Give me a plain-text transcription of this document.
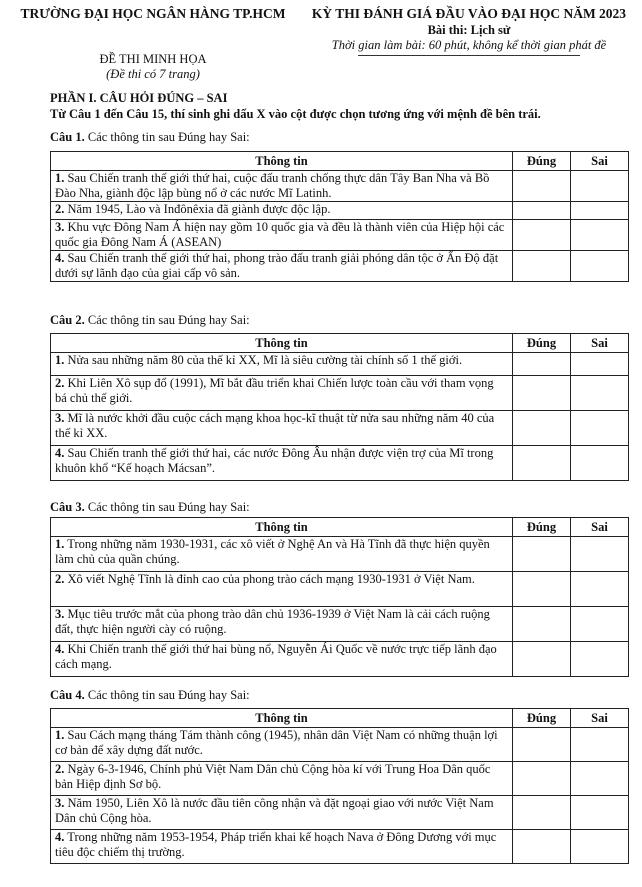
TRƯỜNG ĐẠI HỌC NGÂN HÀNG TP.HCM
ĐỀ THI MINH HỌA
(Đề thi có 7 trang)
KỲ THI ĐÁNH GIÁ ĐẦU VÀO ĐẠI HỌC NĂM 2023
Bài thi: Lịch sử
Thời gian làm bài: 60 phút, không kể thời gian phát đề
PHẦN I. CÂU HỎI ĐÚNG – SAI
Từ Câu 1 đến Câu 15, thí sinh ghi dấu X vào cột được chọn tương ứng với mệnh đề bên trái.
Câu 1. Các thông tin sau Đúng hay Sai:
Thông tin	Đúng	Sai
1. Sau Chiến tranh thế giới thứ hai, cuộc đấu tranh chống thực dân Tây Ban Nha và Bồ Đào Nha, giành độc lập bùng nổ ở các nước Mĩ Latinh.		
2. Năm 1945, Lào và Inđônêxia đã giành được độc lập.		
3. Khu vực Đông Nam Á hiện nay gồm 10 quốc gia và đều là thành viên của Hiệp hội các quốc gia Đông Nam Á (ASEAN)		
4. Sau Chiến tranh thế giới thứ hai, phong trào đấu tranh giải phóng dân tộc ở Ấn Độ đặt dưới sự lãnh đạo của giai cấp vô sản.		
Câu 2. Các thông tin sau Đúng hay Sai:
Thông tin	Đúng	Sai
1. Nửa sau những năm 80 của thế kỉ XX, Mĩ là siêu cường tài chính số 1 thế giới.		
2. Khi Liên Xô sụp đổ (1991), Mĩ bắt đầu triển khai Chiến lược toàn cầu với tham vọng bá chủ thế giới.		
3. Mĩ là nước khởi đầu cuộc cách mạng khoa học-kĩ thuật từ nửa sau những năm 40 của thế kỉ XX.		
4. Sau Chiến tranh thế giới thứ hai, các nước Đông Âu nhận được viện trợ của Mĩ trong khuôn khổ “Kế hoạch Mácsan”.		
Câu 3. Các thông tin sau Đúng hay Sai:
Thông tin	Đúng	Sai
1. Trong những năm 1930-1931, các xô viết ở Nghệ An và Hà Tĩnh đã thực hiện quyền làm chủ của quần chúng.		
2. Xô viết Nghệ Tĩnh là đỉnh cao của phong trào cách mạng 1930-1931 ở Việt Nam.		
3. Mục tiêu trước mắt của phong trào dân chủ 1936-1939 ở Việt Nam là cải cách ruộng đất, thực hiện người cày có ruộng.		
4. Khi Chiến tranh thế giới thứ hai bùng nổ, Nguyễn Ái Quốc về nước trực tiếp lãnh đạo cách mạng.		
Câu 4. Các thông tin sau Đúng hay Sai:
Thông tin	Đúng	Sai
1. Sau Cách mạng tháng Tám thành công (1945), nhân dân Việt Nam có những thuận lợi cơ bản để xây dựng đất nước.		
2. Ngày 6-3-1946, Chính phủ Việt Nam Dân chủ Cộng hòa kí với Trung Hoa Dân quốc bản Hiệp định Sơ bộ.		
3. Năm 1950, Liên Xô là nước đầu tiên công nhận và đặt ngoại giao với nước Việt Nam Dân chủ Cộng hòa.		
4. Trong những năm 1953-1954, Pháp triển khai kế hoạch Nava ở Đông Dương với mục tiêu độc chiếm thị trường.		
